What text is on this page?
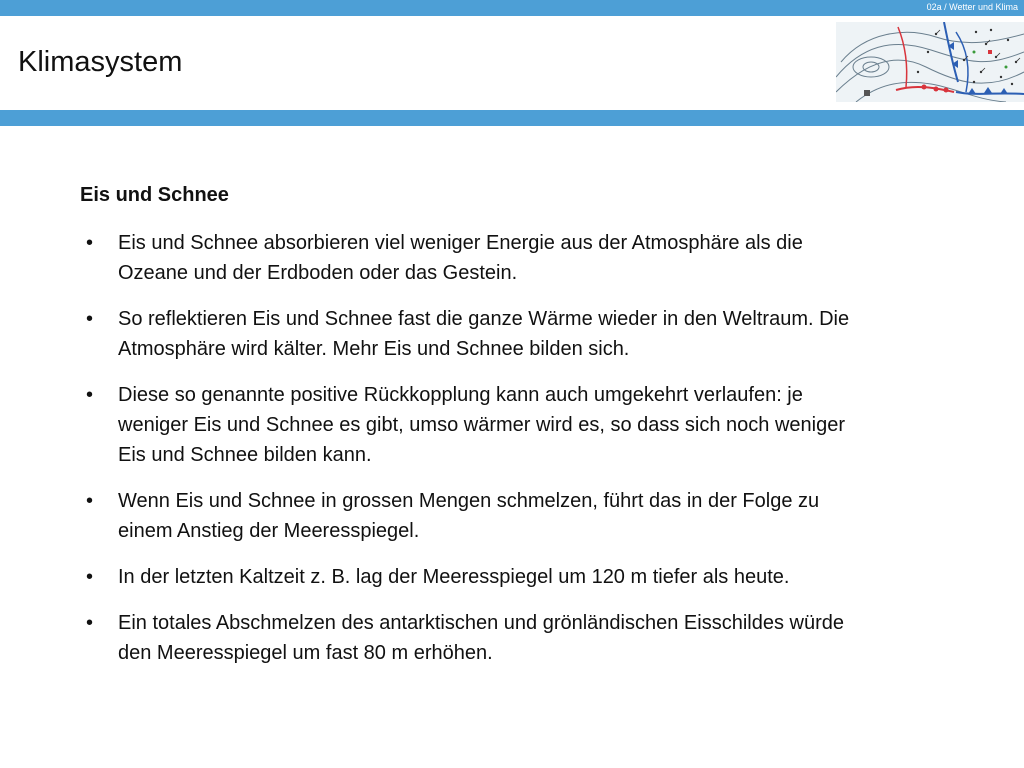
02a / Wetter und Klima
Klimasystem
Eis und Schnee
• Eis und Schnee absorbieren viel weniger Energie aus der Atmosphäre als die
Ozeane und der Erdboden oder das Gestein.
• So reflektieren Eis und Schnee fast die ganze Wärme wieder in den Weltraum. Die
Atmosphäre wird kälter. Mehr Eis und Schnee bilden sich.
• Diese so genannte positive Rückkopplung kann auch umgekehrt verlaufen: je
weniger Eis und Schnee es gibt, umso wärmer wird es, so dass sich noch weniger
Eis und Schnee bilden kann.
• Wenn Eis und Schnee in grossen Mengen schmelzen, führt das in der Folge zu
einem Anstieg der Meeresspiegel.
• In der letzten Kaltzeit z. B. lag der Meeresspiegel um 120 m tiefer als heute.
• Ein totales Abschmelzen des antarktischen und grönländischen Eisschildes würde
den Meeresspiegel um fast 80 m erhöhen.
